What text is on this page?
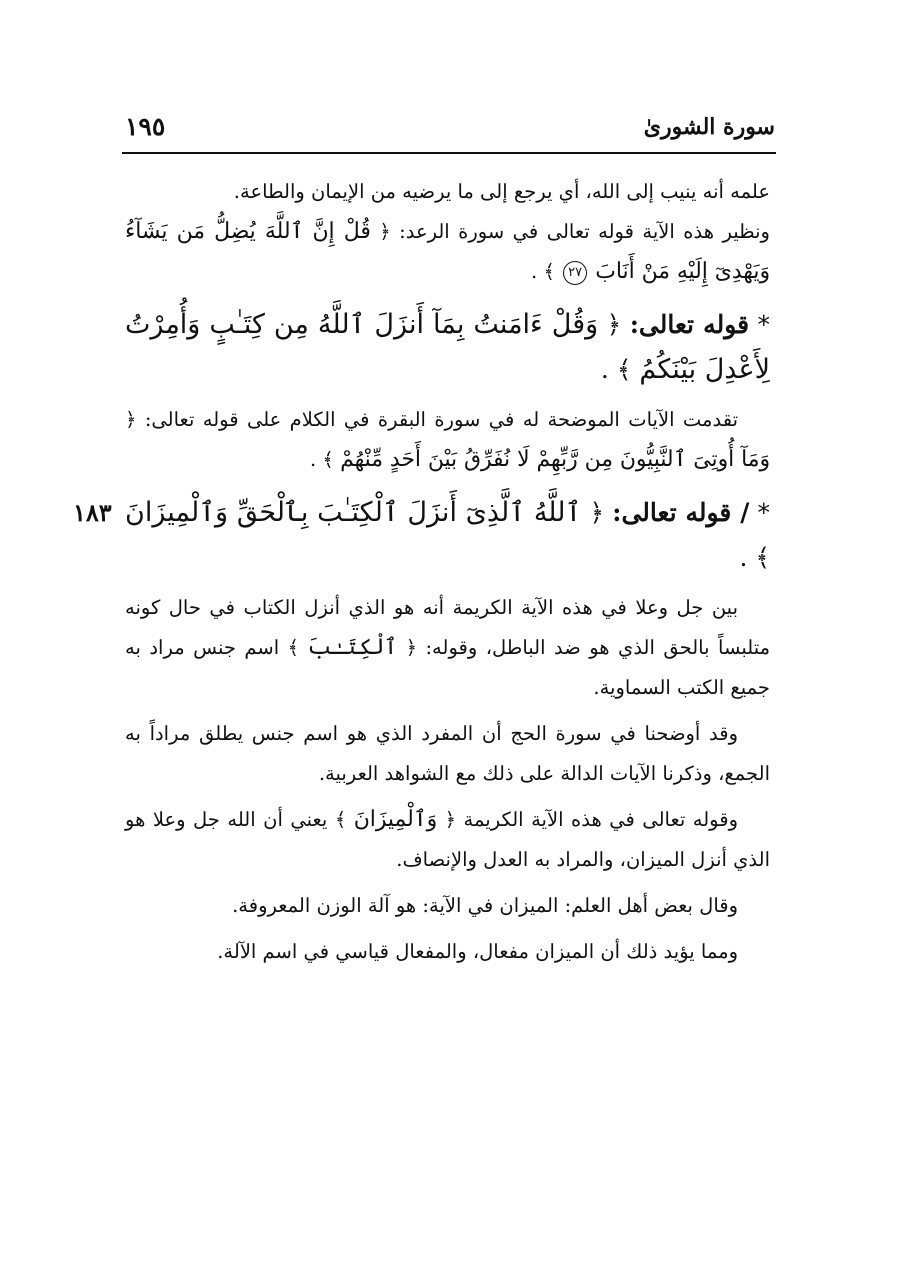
سورة الشورىٰ
١٩٥

علمه أنه ينيب إلى الله، أي يرجع إلى ما يرضيه من الإيمان والطاعة.

ونظير هذه الآية قوله تعالى في سورة الرعد: ﴿ قُلْ إِنَّ ٱللَّهَ يُضِلُّ مَن يَشَآءُ وَيَهْدِىٓ إِلَيْهِ مَنْ أَنَابَ ٢٧ ﴾ .

* قوله تعالى: ﴿ وَقُلْ ءَامَنتُ بِمَآ أَنزَلَ ٱللَّهُ مِن كِتَـٰبٍ وَأُمِرْتُ لِأَعْدِلَ بَيْنَكُمُ ﴾ .
تقدمت الآيات الموضحة له في سورة البقرة في الكلام على قوله تعالى: ﴿ وَمَآ أُوتِىَ ٱلنَّبِيُّونَ مِن رَّبِّهِمْ لَا نُفَرِّقُ بَيْنَ أَحَدٍ مِّنْهُمْ ﴾ .
١٨٣	* / قوله تعالى: ﴿ ٱللَّهُ ٱلَّذِىٓ أَنزَلَ ٱلْكِتَـٰبَ بِٱلْحَقِّ وَٱلْمِيزَانَ ﴾ .
بين جل وعلا في هذه الآية الكريمة أنه هو الذي أنزل الكتاب في حال كونه متلبساً بالحق الذي هو ضد الباطل، وقوله: ﴿ ٱلْكِتَـٰبَ ﴾ اسم جنس مراد به جميع الكتب السماوية.
وقد أوضحنا في سورة الحج أن المفرد الذي هو اسم جنس يطلق مراداً به الجمع، وذكرنا الآيات الدالة على ذلك مع الشواهد العربية.
وقوله تعالى في هذه الآية الكريمة ﴿ وَٱلْمِيزَانَ ﴾ يعني أن الله جل وعلا هو الذي أنزل الميزان، والمراد به العدل والإنصاف.
وقال بعض أهل العلم: الميزان في الآية: هو آلة الوزن المعروفة.
ومما يؤيد ذلك أن الميزان مفعال، والمفعال قياسي في اسم الآلة.
